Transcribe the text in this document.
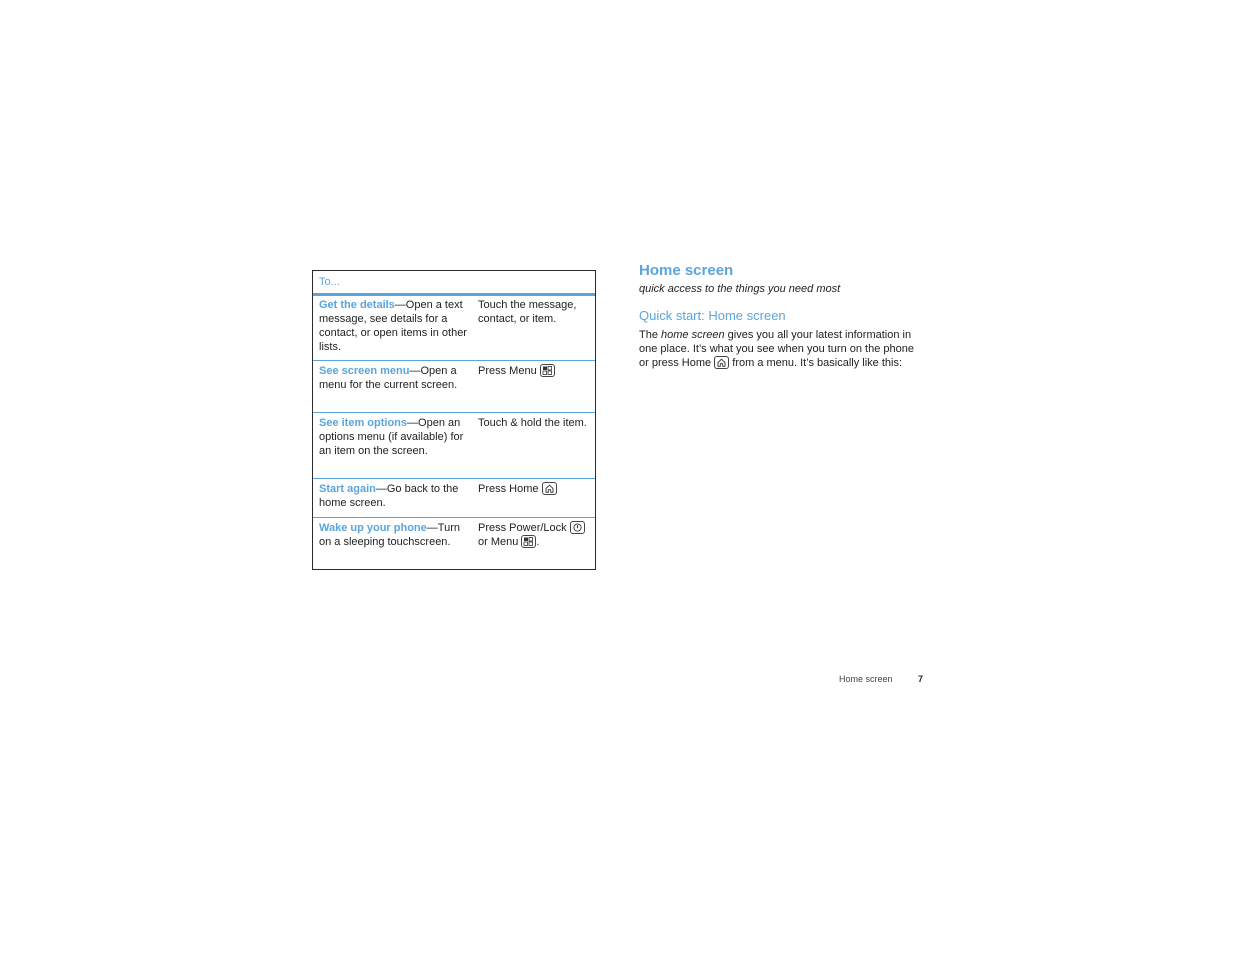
To...
Get the details—Open a text message, see details for a contact, or open items in other lists.
Touch the message, contact, or item.
See screen menu—Open a menu for the current screen.
Press Menu
See item options—Open an options menu (if available) for an item on the screen.
Touch & hold the item.
Start again—Go back to the home screen.
Press Home
Wake up your phone—Turn on a sleeping touchscreen.
Press Power/Lock
or Menu .
Home screen
quick access to the things you need most
Quick start: Home screen
The home screen gives you all your latest information in one place. It’s what you see when you turn on the phone or press Home
from a menu. It’s basically like this:
Home screen	7
